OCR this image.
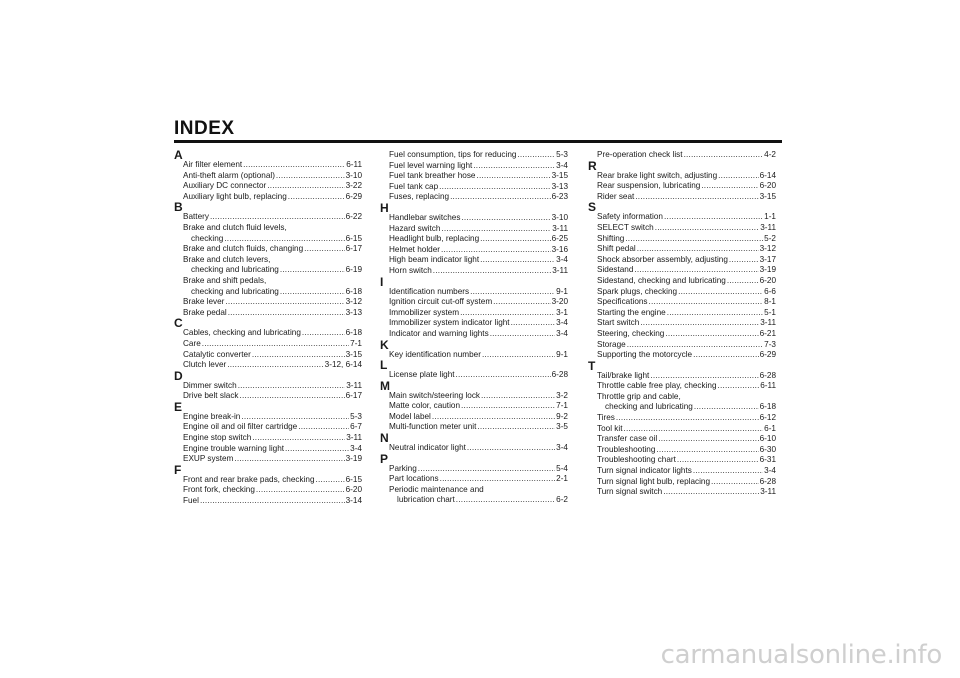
INDEX
A
Air filter element .....	6-11
Anti-theft alarm (optional) .....	3-10
Auxiliary DC connector .....	3-22
Auxiliary light bulb, replacing .....	6-29
B
Battery .....	6-22
Brake and clutch fluid levels,
checking .....	6-15
Brake and clutch fluids, changing .....	6-17
Brake and clutch levers,
checking and lubricating .....	6-19
Brake and shift pedals,
checking and lubricating .....	6-18
Brake lever .....	3-12
Brake pedal .....	3-13
C
Cables, checking and lubricating .....	6-18
Care .....	7-1
Catalytic converter .....	3-15
Clutch lever .....	3-12, 6-14
D
Dimmer switch .....	3-11
Drive belt slack .....	6-17
E
Engine break-in .....	5-3
Engine oil and oil filter cartridge .....	6-7
Engine stop switch .....	3-11
Engine trouble warning light .....	3-4
EXUP system .....	3-19
F
Front and rear brake pads, checking .....	6-15
Front fork, checking .....	6-20
Fuel .....	3-14
Fuel consumption, tips for reducing .....	5-3
Fuel level warning light .....	3-4
Fuel tank breather hose .....	3-15
Fuel tank cap .....	3-13
Fuses, replacing .....	6-23
H
Handlebar switches .....	3-10
Hazard switch .....	3-11
Headlight bulb, replacing .....	6-25
Helmet holder .....	3-16
High beam indicator light .....	3-4
Horn switch .....	3-11
I
Identification numbers .....	9-1
Ignition circuit cut-off system .....	3-20
Immobilizer system .....	3-1
Immobilizer system indicator light .....	3-4
Indicator and warning lights .....	3-4
K
Key identification number .....	9-1
L
License plate light .....	6-28
M
Main switch/steering lock .....	3-2
Matte color, caution .....	7-1
Model label .....	9-2
Multi-function meter unit .....	3-5
N
Neutral indicator light .....	3-4
P
Parking .....	5-4
Part locations .....	2-1
Periodic maintenance and
lubrication chart .....	6-2
Pre-operation check list .....	4-2
R
Rear brake light switch, adjusting .....	6-14
Rear suspension, lubricating .....	6-20
Rider seat .....	3-15
S
Safety information .....	1-1
SELECT switch .....	3-11
Shifting .....	5-2
Shift pedal .....	3-12
Shock absorber assembly, adjusting .....	3-17
Sidestand .....	3-19
Sidestand, checking and lubricating .....	6-20
Spark plugs, checking .....	6-6
Specifications .....	8-1
Starting the engine .....	5-1
Start switch .....	3-11
Steering, checking .....	6-21
Storage .....	7-3
Supporting the motorcycle .....	6-29
T
Tail/brake light .....	6-28
Throttle cable free play, checking .....	6-11
Throttle grip and cable,
checking and lubricating .....	6-18
Tires .....	6-12
Tool kit .....	6-1
Transfer case oil .....	6-10
Troubleshooting .....	6-30
Troubleshooting chart .....	6-31
Turn signal indicator lights .....	3-4
Turn signal light bulb, replacing .....	6-28
Turn signal switch .....	3-11
carmanualsonline.info
